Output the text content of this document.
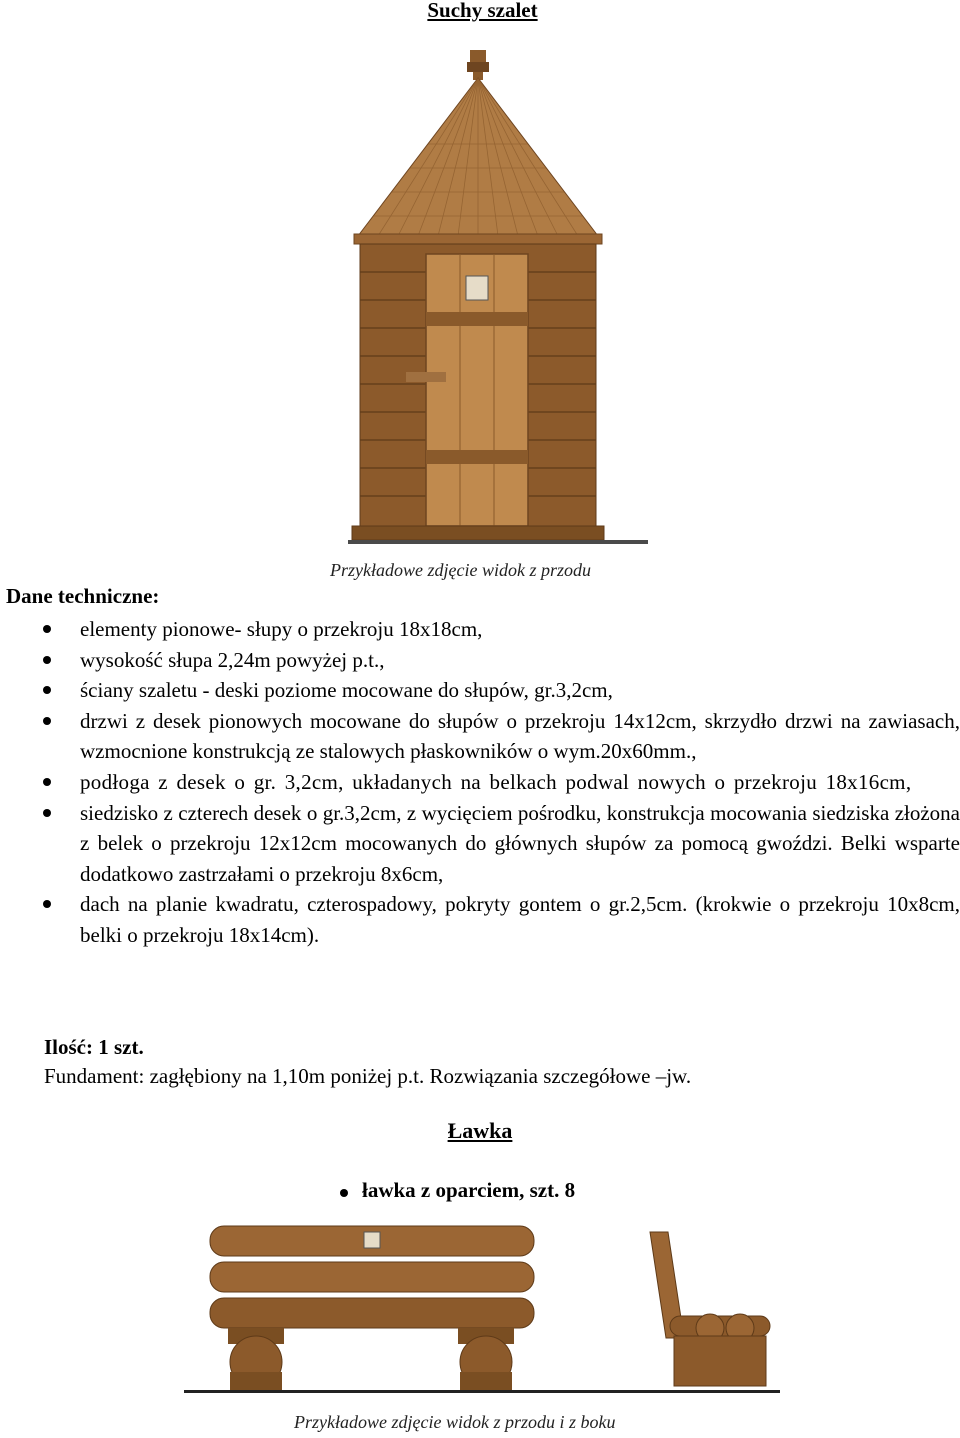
Suchy szalet
Przykładowe zdjęcie widok z przodu
Dane techniczne:
elementy pionowe- słupy o przekroju 18x18cm,
wysokość słupa 2,24m powyżej p.t.,
ściany szaletu - deski poziome mocowane do słupów, gr.3,2cm,
drzwi z desek pionowych mocowane do słupów o przekroju 14x12cm, skrzydło drzwi na zawiasach, wzmocnione konstrukcją ze stalowych płaskowników o wym.20x60mm.,
podłoga z desek o gr. 3,2cm, układanych na belkach podwal nowych o przekroju 18x16cm,
siedzisko z czterech desek o gr.3,2cm, z wycięciem pośrodku, konstrukcja mocowania siedziska złożona z belek o przekroju 12x12cm mocowanych do głównych słupów za pomocą gwoździ. Belki wsparte dodatkowo zastrzałami o przekroju 8x6cm,
dach na planie kwadratu, czterospadowy, pokryty gontem o gr.2,5cm. (krokwie o przekroju 10x8cm, belki o przekroju 18x14cm).
Ilość: 1 szt.
Fundament: zagłębiony na 1,10m poniżej p.t. Rozwiązania szczegółowe –jw.
Ławka
ławka z oparciem, szt. 8
Przykładowe zdjęcie widok z przodu i z boku
